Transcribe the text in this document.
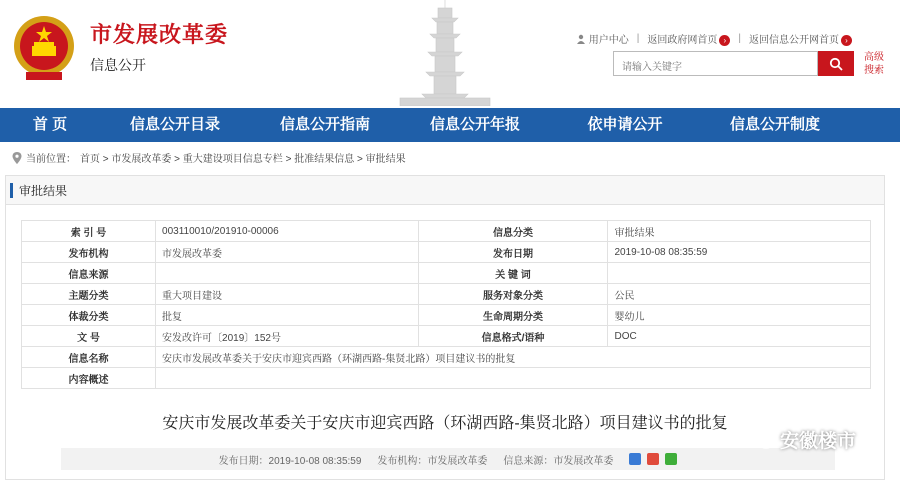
市发展改革委
信息公开
用户中心 | 返回政府网首页 ›	| 返回信息公开网首页 ›
请输入关键字
高级
搜索
首 页	信息公开目录	信息公开指南	信息公开年报	依申请公开	信息公开制度
当前位置： 首页 > 市发展改革委 > 重大建设项目信息专栏 > 批准结果信息 > 审批结果
审批结果
索 引 号	003110010/201910-00006	信息分类	审批结果
发布机构	市发展改革委	发布日期	2019-10-08 08:35:59
信息来源		关 键 词	
主题分类	重大项目建设	服务对象分类	公民
体裁分类	批复	生命周期分类	婴幼儿
文 号	安发改许可〔2019〕152号	信息格式/语种	DOC
信息名称	安庆市发展改革委关于安庆市迎宾西路（环湖西路-集贤北路）项目建议书的批复		
内容概述			
安庆市发展改革委关于安庆市迎宾西路（环湖西路-集贤北路）项目建议书的批复
发布日期：2019-10-08 08:35:59 发布机构：市发展改革委 信息来源：市发展改革委
安徽楼市
